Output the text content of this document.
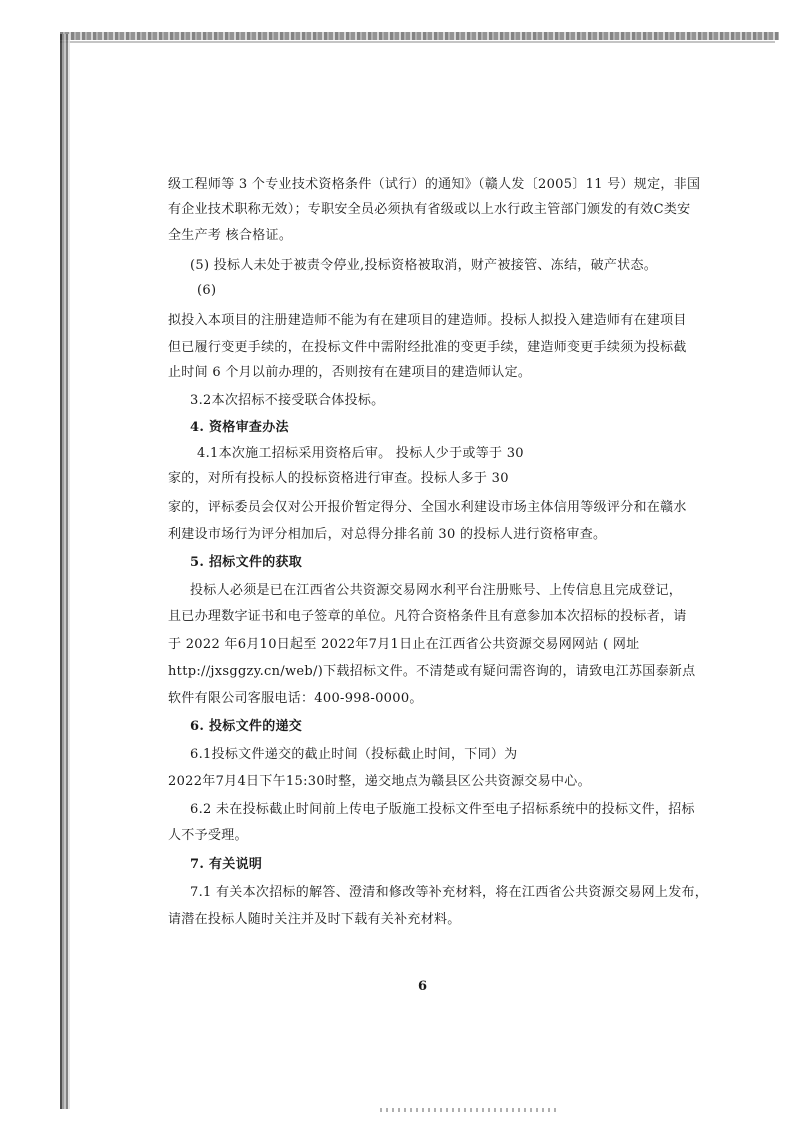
级工程师等 3 个专业技术资格条件（试行）的通知》（赣人发〔2005〕11 号）规定，非国

有企业技术职称无效）；专职安全员必须执有省级或以上水行政主管部门颁发的有效C类安

全生产考 核合格证。

(5) 投标人未处于被责令停业,投标资格被取消，财产被接管、冻结，破产状态。

(6)

拟投入本项目的注册建造师不能为有在建项目的建造师。投标人拟投入建造师有在建项目

但已履行变更手续的，在投标文件中需附经批准的变更手续，建造师变更手续须为投标截

止时间 6 个月以前办理的，否则按有在建项目的建造师认定。

3.2本次招标不接受联合体投标。

4. 资格审查办法

4.1本次施工招标采用资格后审。 投标人少于或等于 30

家的，对所有投标人的投标资格进行审查。投标人多于 30

家的，评标委员会仅对公开报价暂定得分、全国水利建设市场主体信用等级评分和在赣水

利建设市场行为评分相加后，对总得分排名前 30 的投标人进行资格审查。

5. 招标文件的获取

投标人必须是已在江西省公共资源交易网水利平台注册账号、上传信息且完成登记，

且已办理数字证书和电子签章的单位。凡符合资格条件且有意参加本次招标的投标者，请

于 2022 年6月10日起至 2022年7月1日止在江西省公共资源交易网网站 ( 网址

http://jxsggzy.cn/web/)下载招标文件。不清楚或有疑问需咨询的，请致电江苏国泰新点

软件有限公司客服电话：400-998-0000。

6. 投标文件的递交

6.1投标文件递交的截止时间（投标截止时间，下同）为

2022年7月4日下午15:30时整，递交地点为赣县区公共资源交易中心。

6.2 未在投标截止时间前上传电子版施工投标文件至电子招标系统中的投标文件，招标

人不予受理。

7. 有关说明

7.1 有关本次招标的解答、澄清和修改等补充材料，将在江西省公共资源交易网上发布，

请潜在投标人随时关注并及时下载有关补充材料。

6
